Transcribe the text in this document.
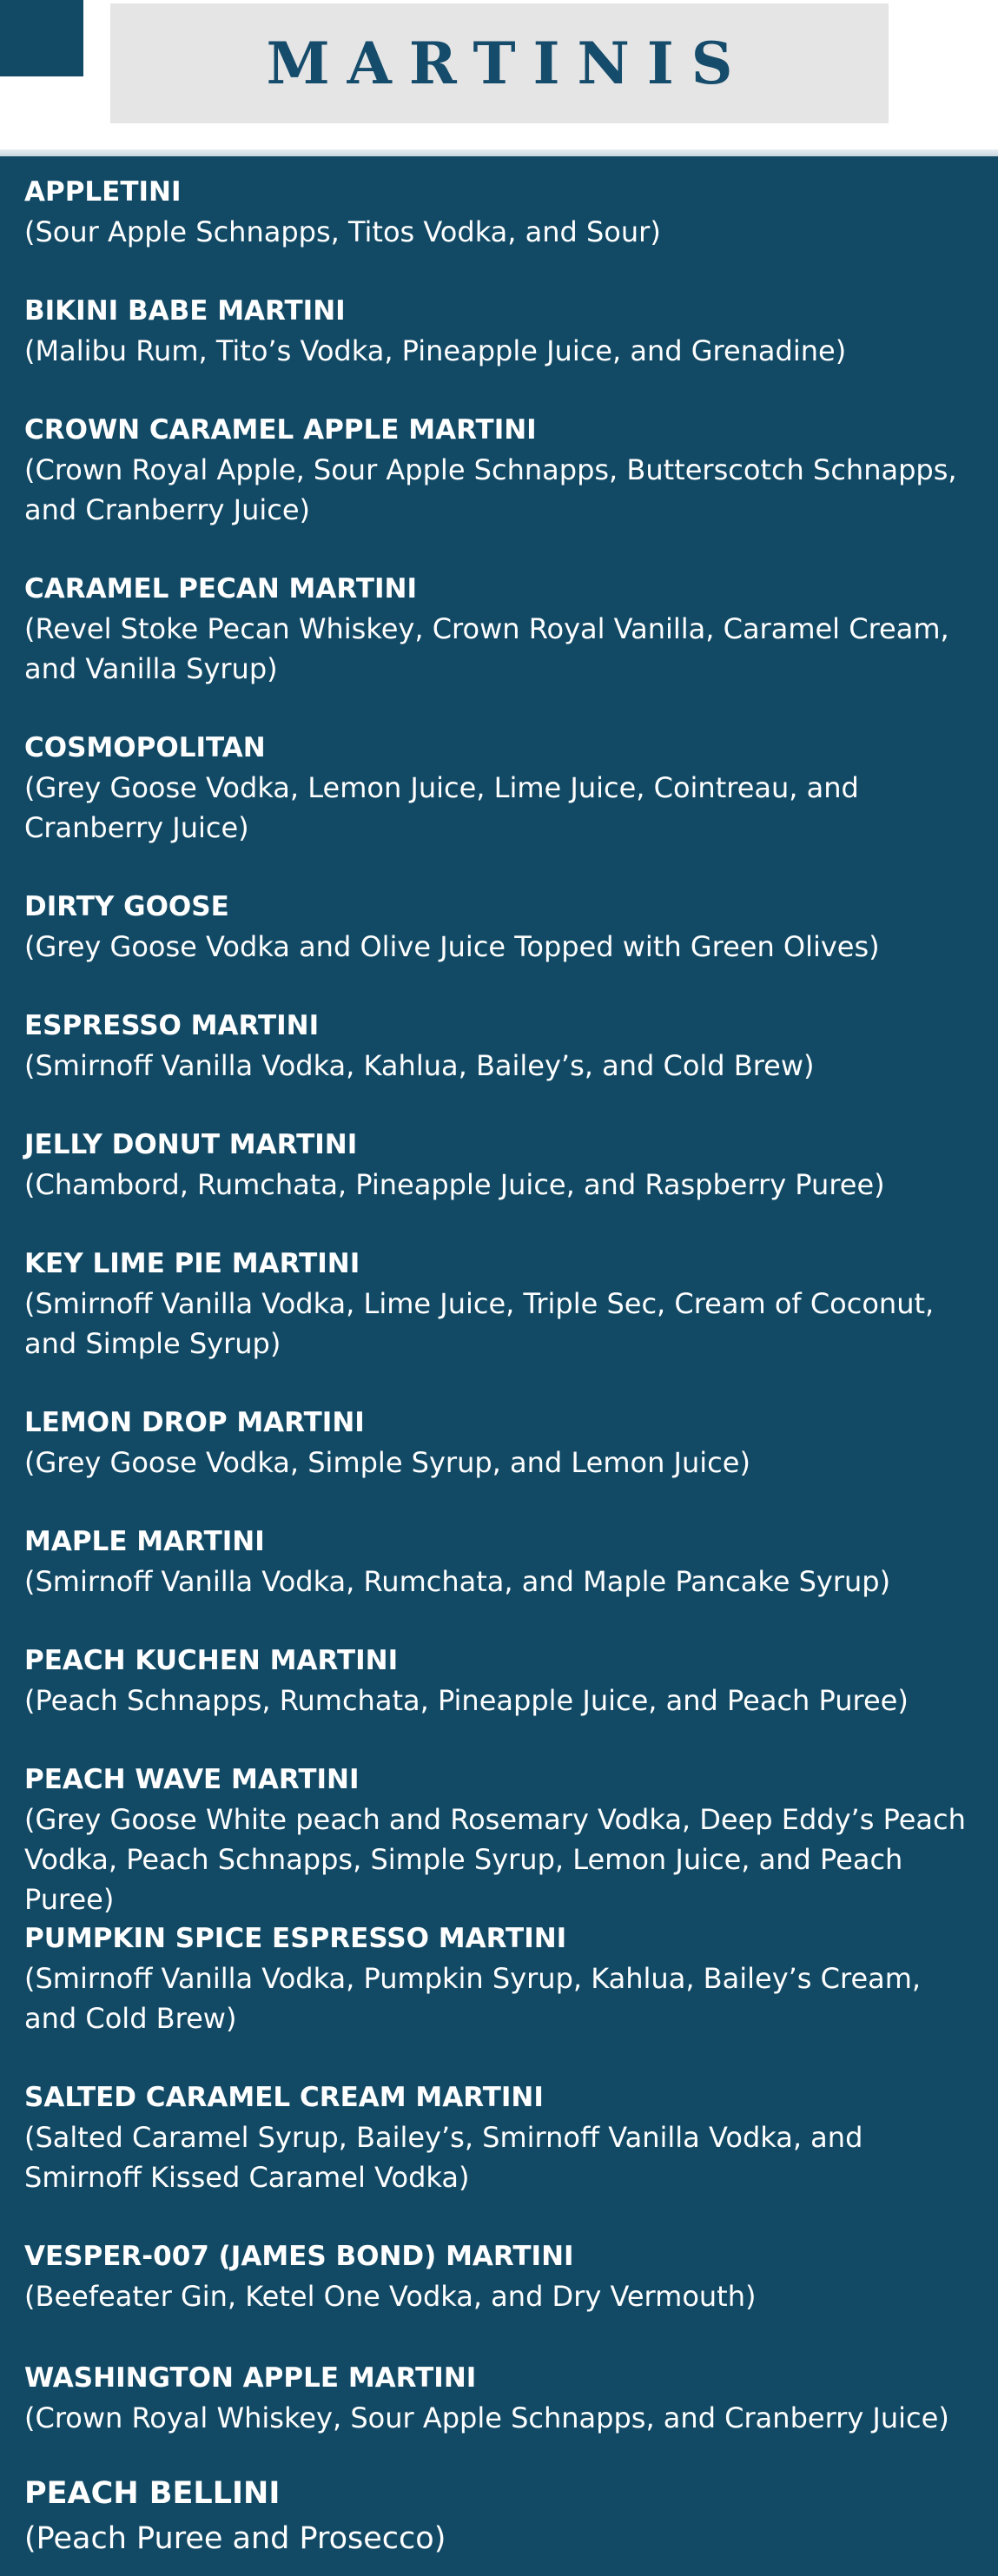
MARTINIS
APPLETINI
(Sour Apple Schnapps, Titos Vodka, and Sour)
BIKINI BABE MARTINI
(Malibu Rum, Tito’s Vodka, Pineapple Juice, and Grenadine)
CROWN CARAMEL APPLE MARTINI
(Crown Royal Apple, Sour Apple Schnapps, Butterscotch Schnapps, and Cranberry Juice)
CARAMEL PECAN MARTINI
(Revel Stoke Pecan Whiskey, Crown Royal Vanilla, Caramel Cream, and Vanilla Syrup)
COSMOPOLITAN
(Grey Goose Vodka, Lemon Juice, Lime Juice, Cointreau, and Cranberry Juice)
DIRTY GOOSE
(Grey Goose Vodka and Olive Juice Topped with Green Olives)
ESPRESSO MARTINI
(Smirnoff Vanilla Vodka, Kahlua, Bailey’s, and Cold Brew)
JELLY DONUT MARTINI
(Chambord, Rumchata, Pineapple Juice, and Raspberry Puree)
KEY LIME PIE MARTINI
(Smirnoff Vanilla Vodka, Lime Juice, Triple Sec, Cream of Coconut, and Simple Syrup)
LEMON DROP MARTINI
(Grey Goose Vodka, Simple Syrup, and Lemon Juice)
MAPLE MARTINI
(Smirnoff Vanilla Vodka, Rumchata, and Maple Pancake Syrup)
PEACH KUCHEN MARTINI
(Peach Schnapps, Rumchata, Pineapple Juice, and Peach Puree)
PEACH WAVE MARTINI
(Grey Goose White peach and Rosemary Vodka, Deep Eddy’s Peach Vodka, Peach Schnapps, Simple Syrup, Lemon Juice, and Peach Puree)
PUMPKIN SPICE ESPRESSO MARTINI
(Smirnoff Vanilla Vodka, Pumpkin Syrup, Kahlua, Bailey’s Cream, and Cold Brew)
SALTED CARAMEL CREAM MARTINI
(Salted Caramel Syrup, Bailey’s, Smirnoff Vanilla Vodka, and Smirnoff Kissed Caramel Vodka)
VESPER-007 (JAMES BOND) MARTINI
(Beefeater Gin, Ketel One Vodka, and Dry Vermouth)
WASHINGTON APPLE MARTINI
(Crown Royal Whiskey, Sour Apple Schnapps, and Cranberry Juice)
PEACH BELLINI
(Peach Puree and Prosecco)
